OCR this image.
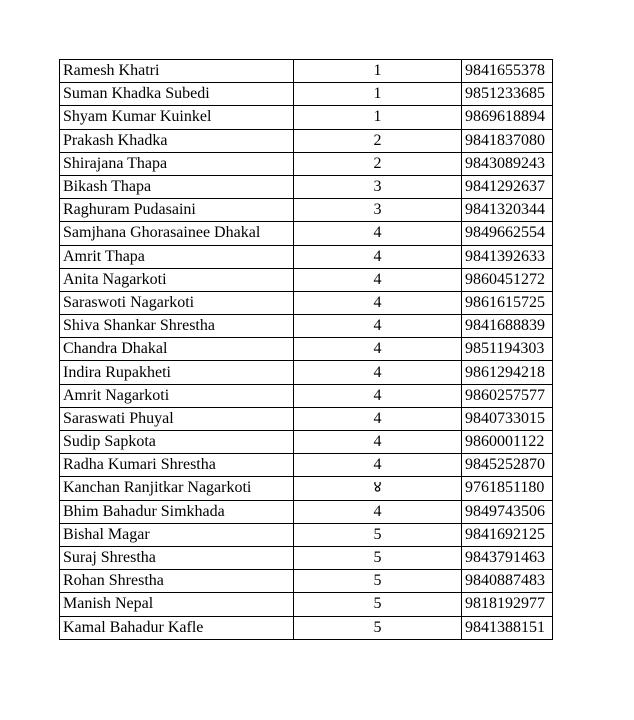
Ramesh Khatri	1	9841655378
Suman Khadka Subedi	1	9851233685
Shyam Kumar Kuinkel	1	9869618894
Prakash Khadka	2	9841837080
Shirajana Thapa	2	9843089243
Bikash Thapa	3	9841292637
Raghuram Pudasaini	3	9841320344
Samjhana Ghorasainee Dhakal	4	9849662554
Amrit Thapa	4	9841392633
Anita Nagarkoti	4	9860451272
Saraswoti Nagarkoti	4	9861615725
Shiva Shankar Shrestha	4	9841688839
Chandra Dhakal	4	9851194303
Indira Rupakheti	4	9861294218
Amrit Nagarkoti	4	9860257577
Saraswati Phuyal	4	9840733015
Sudip Sapkota	4	9860001122
Radha Kumari Shrestha	4	9845252870
Kanchan Ranjitkar Nagarkoti	४	9761851180
Bhim Bahadur Simkhada	4	9849743506
Bishal Magar	5	9841692125
Suraj Shrestha	5	9843791463
Rohan Shrestha	5	9840887483
Manish Nepal	5	9818192977
Kamal Bahadur Kafle	5	9841388151
